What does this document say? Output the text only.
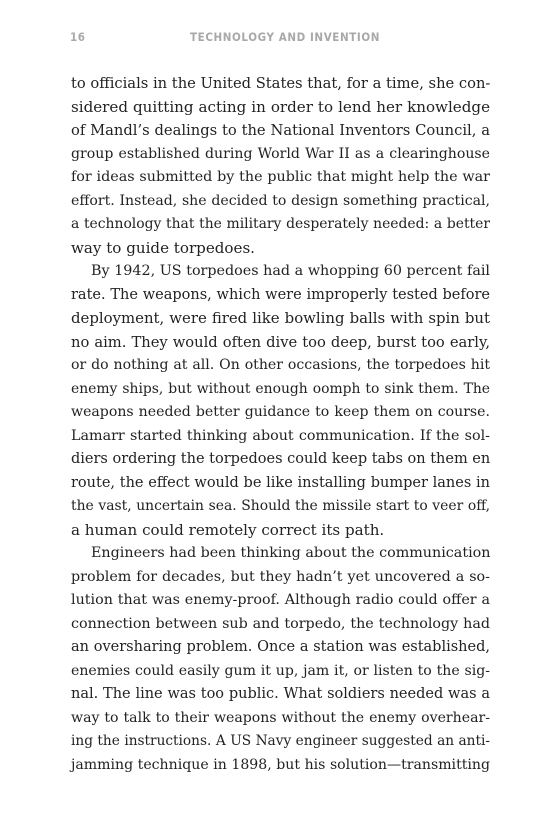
16	TECHNOLOGY AND INVENTION

to officials in the United States that, for a time, she con-
sidered quitting acting in order to lend her knowledge
of Mandl’s dealings to the National Inventors Council, a
group established during World War II as a clearinghouse
for ideas submitted by the public that might help the war
effort. Instead, she decided to design something practical,
a technology that the military desperately needed: a better
way to guide torpedoes.

By 1942, US torpedoes had a whopping 60 percent fail
rate. The weapons, which were improperly tested before
deployment, were fired like bowling balls with spin but
no aim. They would often dive too deep, burst too early,
or do nothing at all. On other occasions, the torpedoes hit
enemy ships, but without enough oomph to sink them. The
weapons needed better guidance to keep them on course.
Lamarr started thinking about communication. If the sol-
diers ordering the torpedoes could keep tabs on them en
route, the effect would be like installing bumper lanes in
the vast, uncertain sea. Should the missile start to veer off,
a human could remotely correct its path.

Engineers had been thinking about the communication
problem for decades, but they hadn’t yet uncovered a so-
lution that was enemy-proof. Although radio could offer a
connection between sub and torpedo, the technology had
an oversharing problem. Once a station was established,
enemies could easily gum it up, jam it, or listen to the sig-
nal. The line was too public. What soldiers needed was a
way to talk to their weapons without the enemy overhear-
ing the instructions. A US Navy engineer suggested an anti-
jamming technique in 1898, but his solution—transmitting
